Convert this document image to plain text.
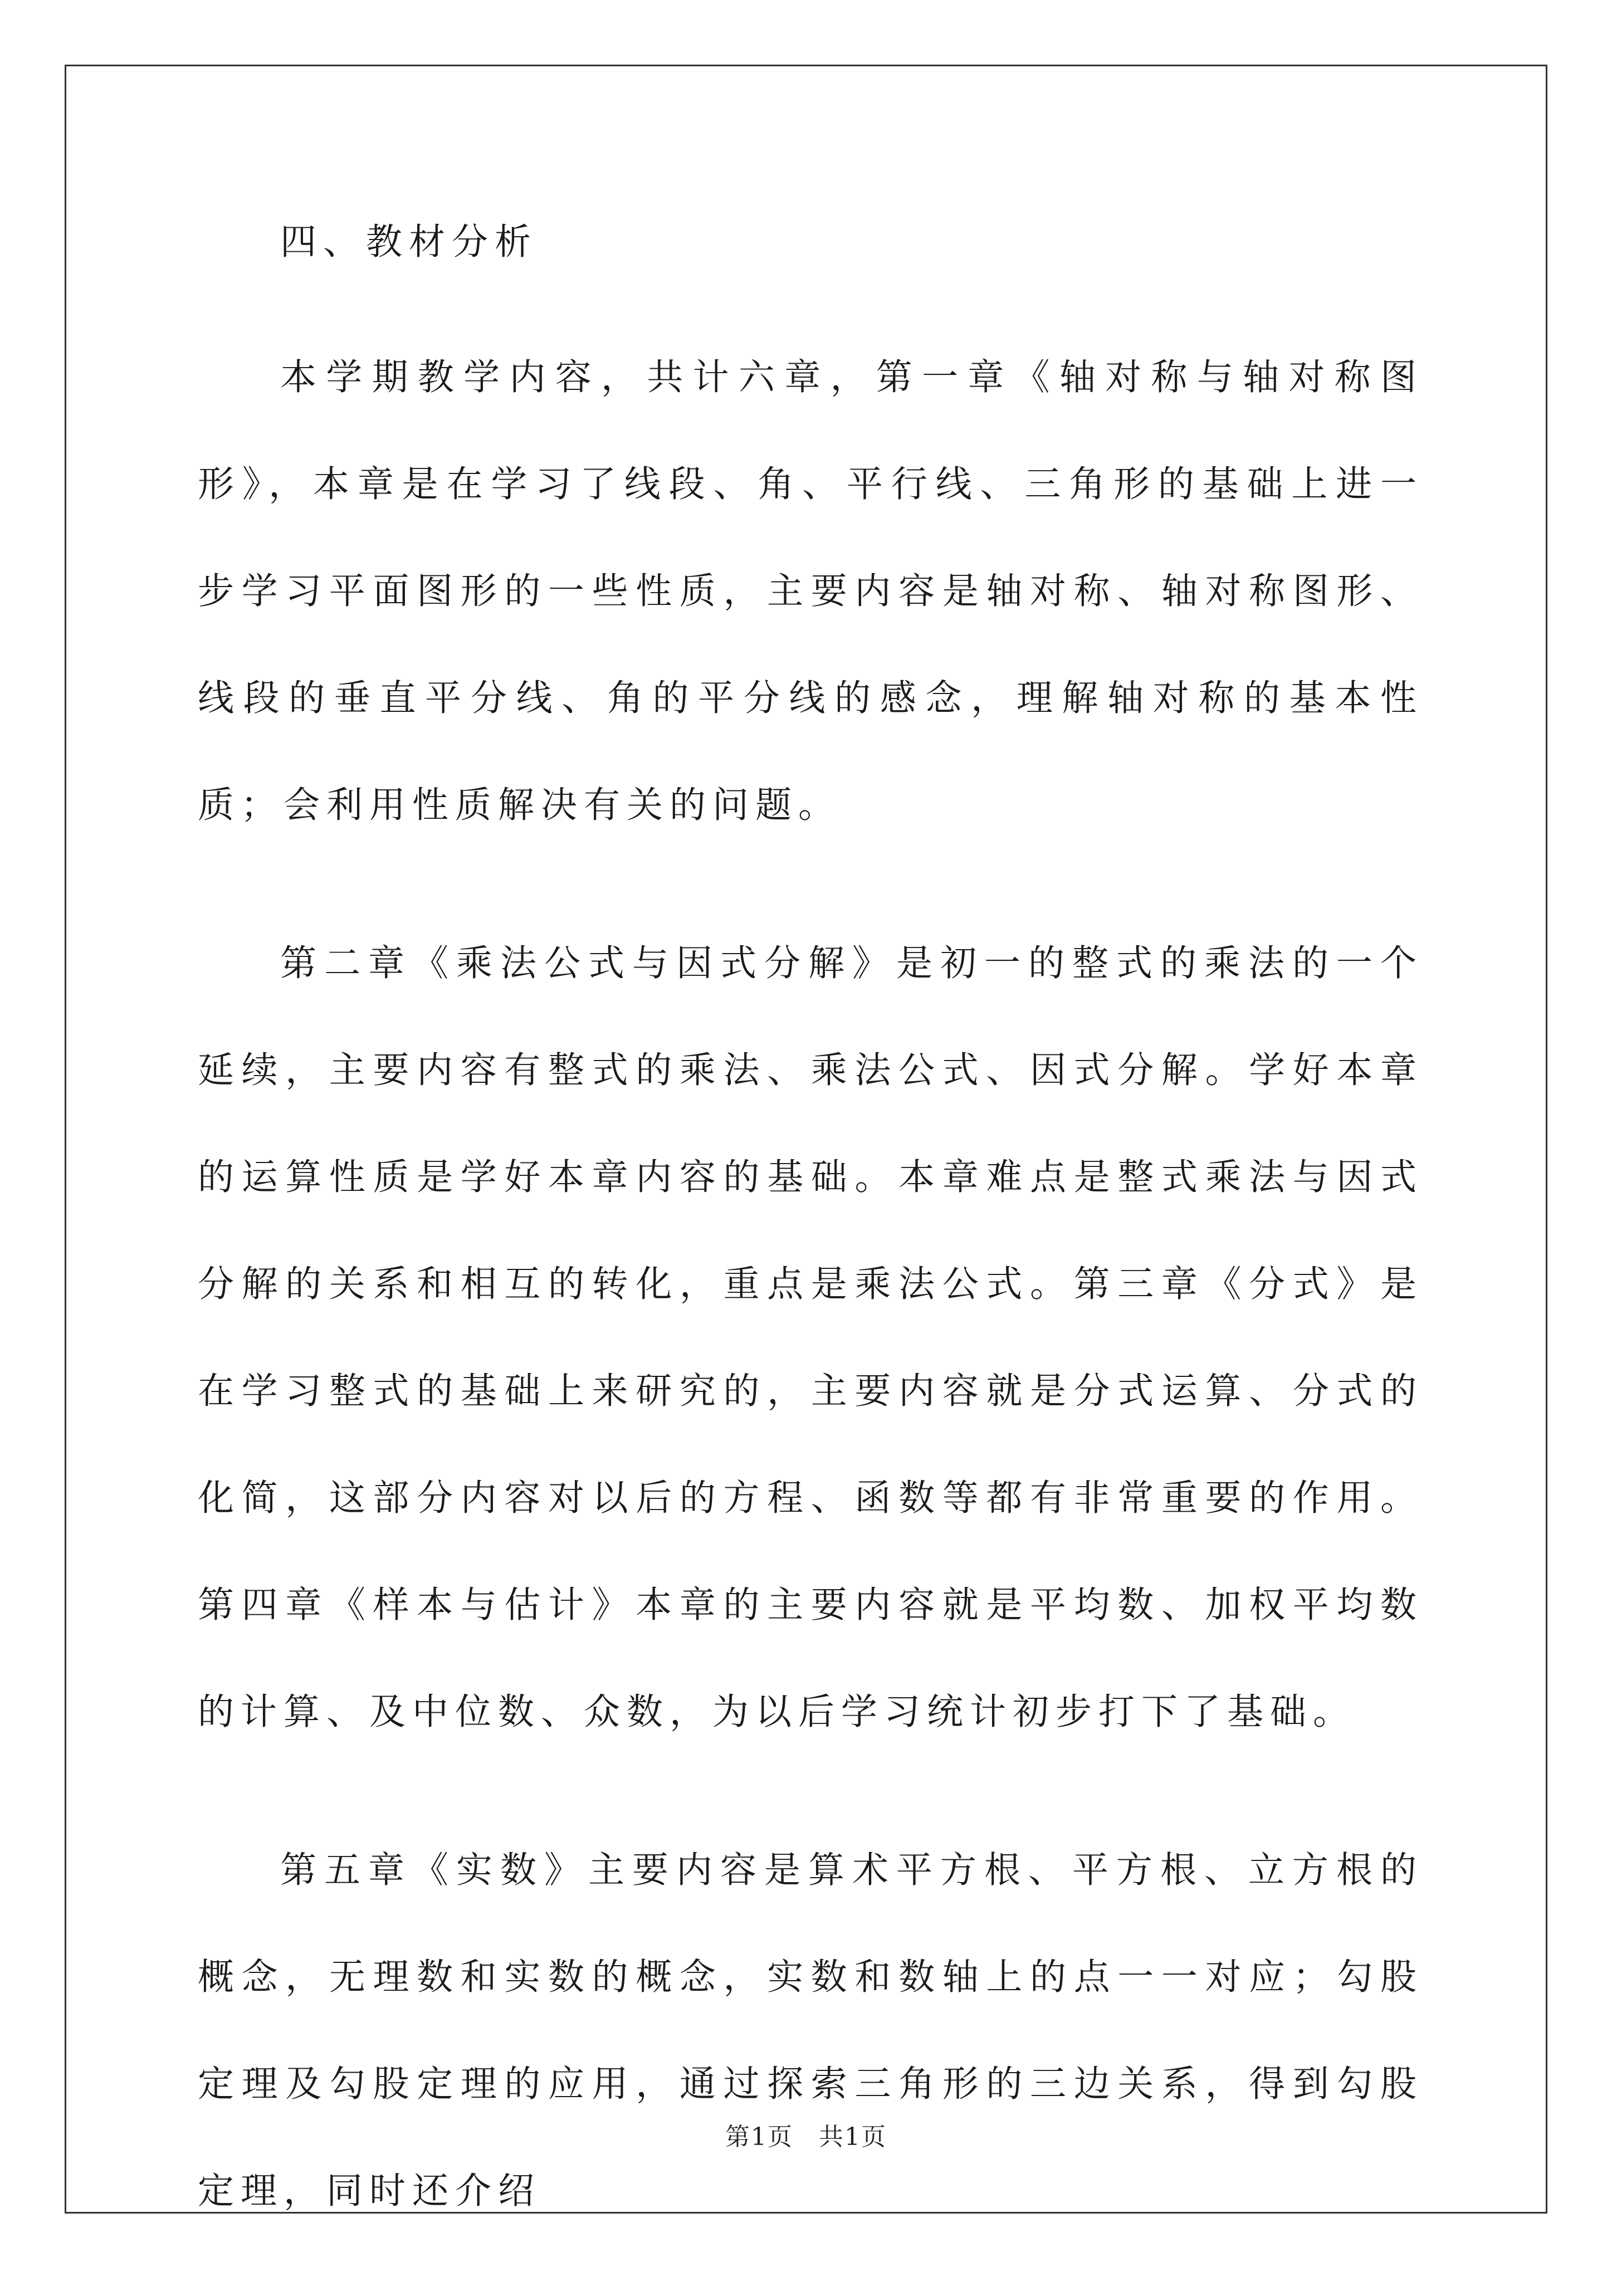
四、教材分析

本学期教学内容，共计六章，第一章《轴对称与轴对称图形》，本章是在学习了线段、角、平行线、三角形的基础上进一步学习平面图形的一些性质，主要内容是轴对称、轴对称图形、线段的垂直平分线、角的平分线的感念，理解轴对称的基本性质；会利用性质解决有关的问题。

第二章《乘法公式与因式分解》是初一的整式的乘法的一个延续，主要内容有整式的乘法、乘法公式、因式分解。学好本章的运算性质是学好本章内容的基础。本章难点是整式乘法与因式分解的关系和相互的转化，重点是乘法公式。第三章《分式》是在学习整式的基础上来研究的，主要内容就是分式运算、分式的化简，这部分内容对以后的方程、函数等都有非常重要的作用。第四章《样本与估计》本章的主要内容就是平均数、加权平均数的计算、及中位数、众数，为以后学习统计初步打下了基础。

第五章《实数》主要内容是算术平方根、平方根、立方根的概念，无理数和实数的概念，实数和数轴上的点一一对应；勾股定理及勾股定理的应用，通过探索三角形的三边关系，得到勾股定理，同时还介绍

第1页　共1页
